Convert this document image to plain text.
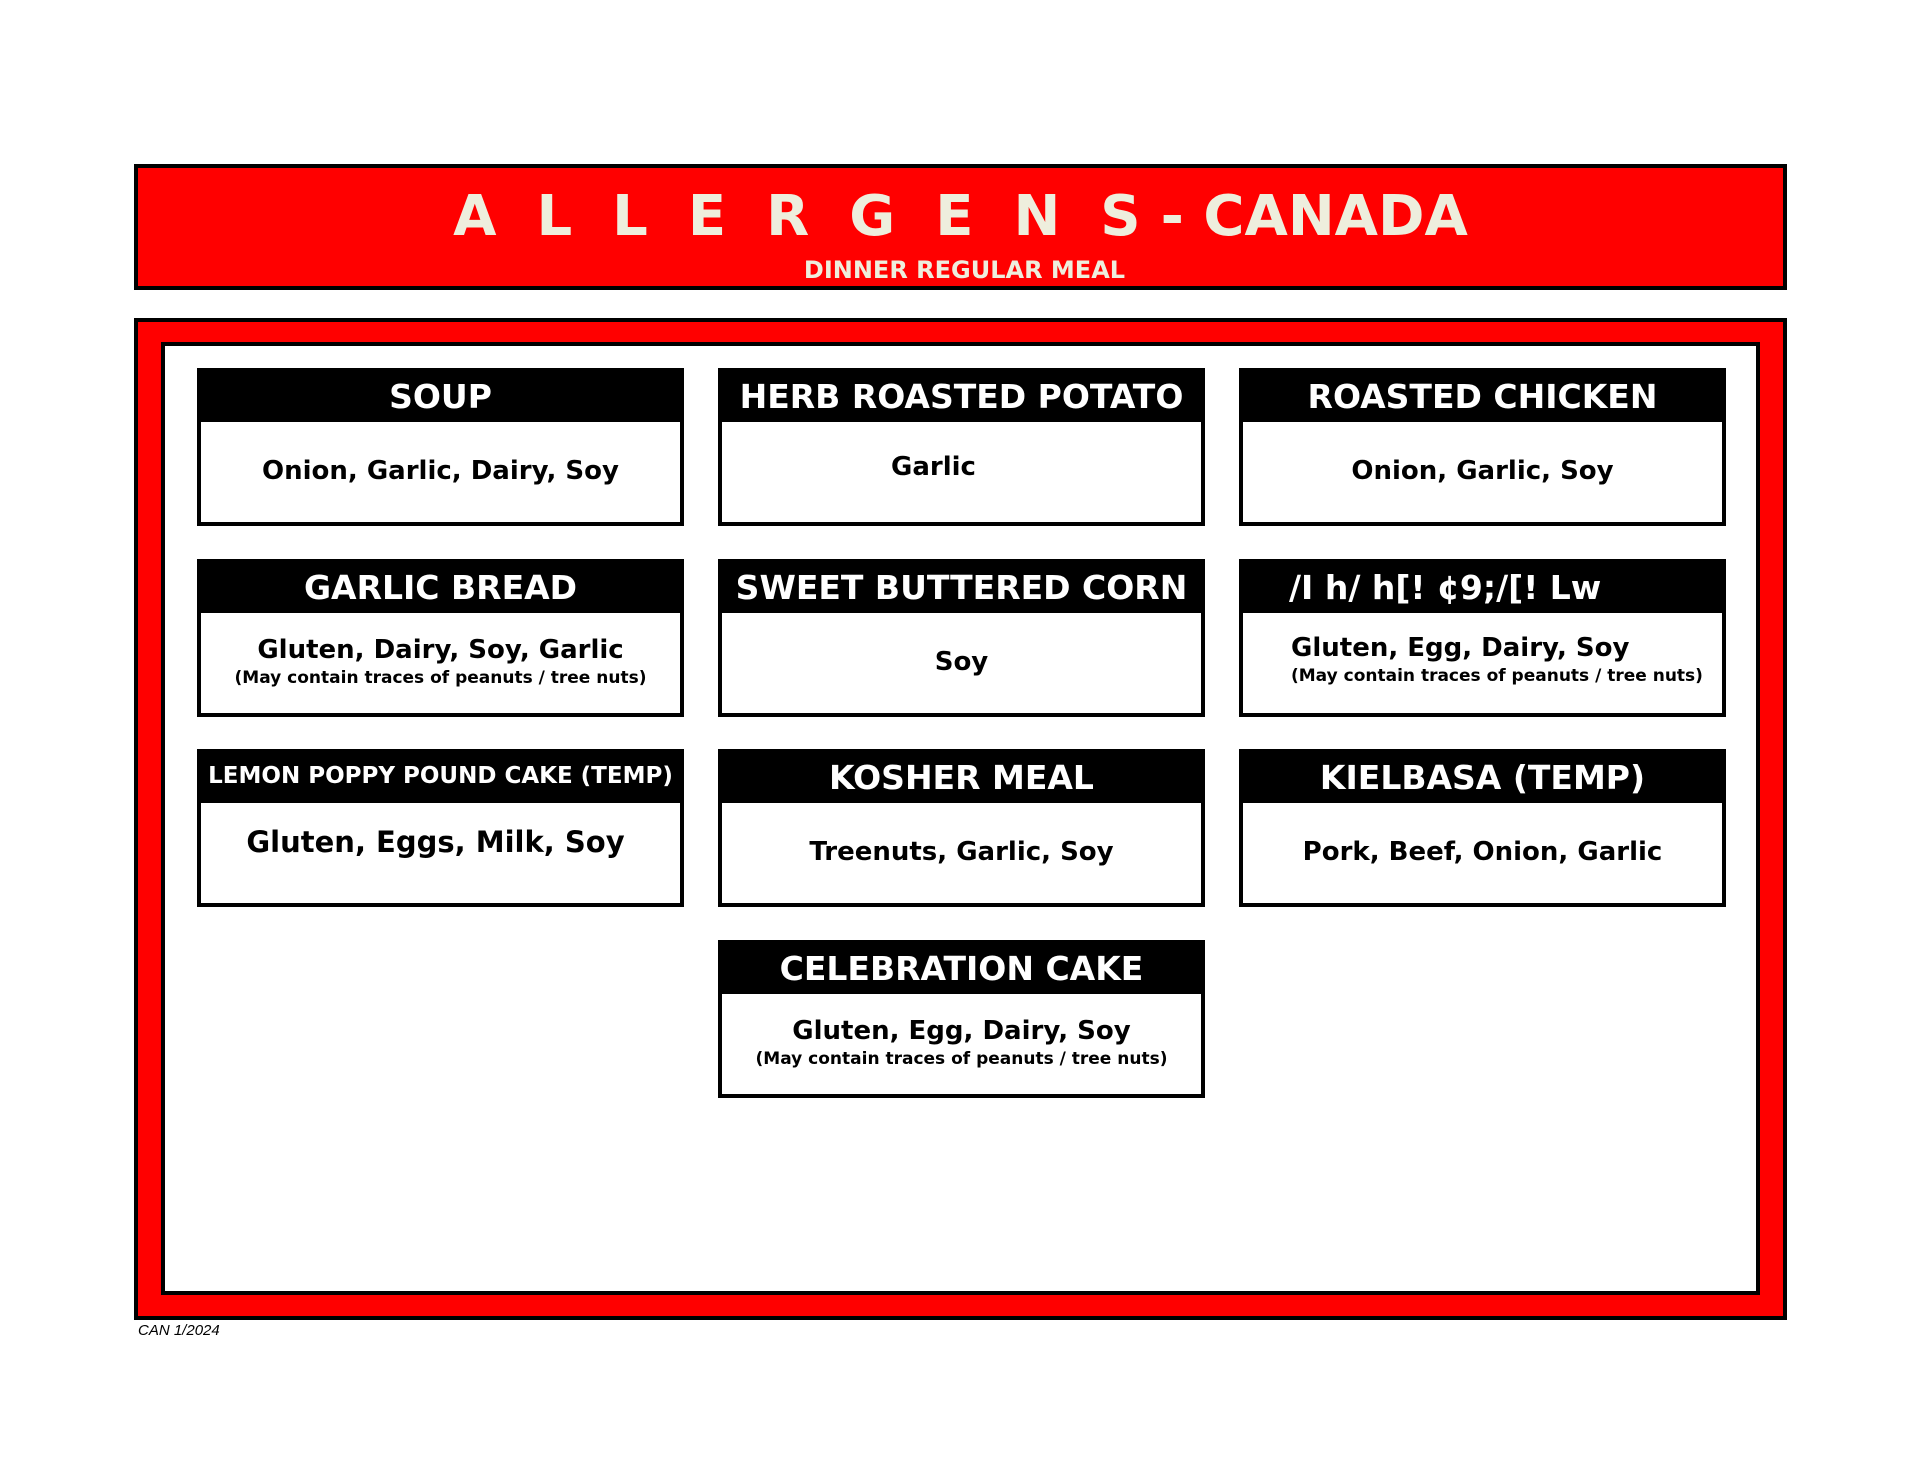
ALLERGENS- CANADA
DINNER REGULAR MEAL
SOUP
Onion, Garlic, Dairy, Soy
HERB ROASTED POTATO
Garlic
ROASTED CHICKEN
Onion, Garlic, Soy
GARLIC BREAD
Gluten, Dairy, Soy, Garlic
(May contain traces of peanuts / tree nuts)
SWEET BUTTERED CORN
Soy
/I h/ h[! ¢9;/[! Lw
Gluten, Egg, Dairy, Soy
(May contain traces of peanuts / tree nuts)
LEMON POPPY POUND CAKE (TEMP)
Gluten, Eggs, Milk, Soy
KOSHER MEAL
Treenuts, Garlic, Soy
KIELBASA (TEMP)
Pork, Beef, Onion, Garlic
CELEBRATION CAKE
Gluten, Egg, Dairy, Soy
(May contain traces of peanuts / tree nuts)
CAN 1/2024
